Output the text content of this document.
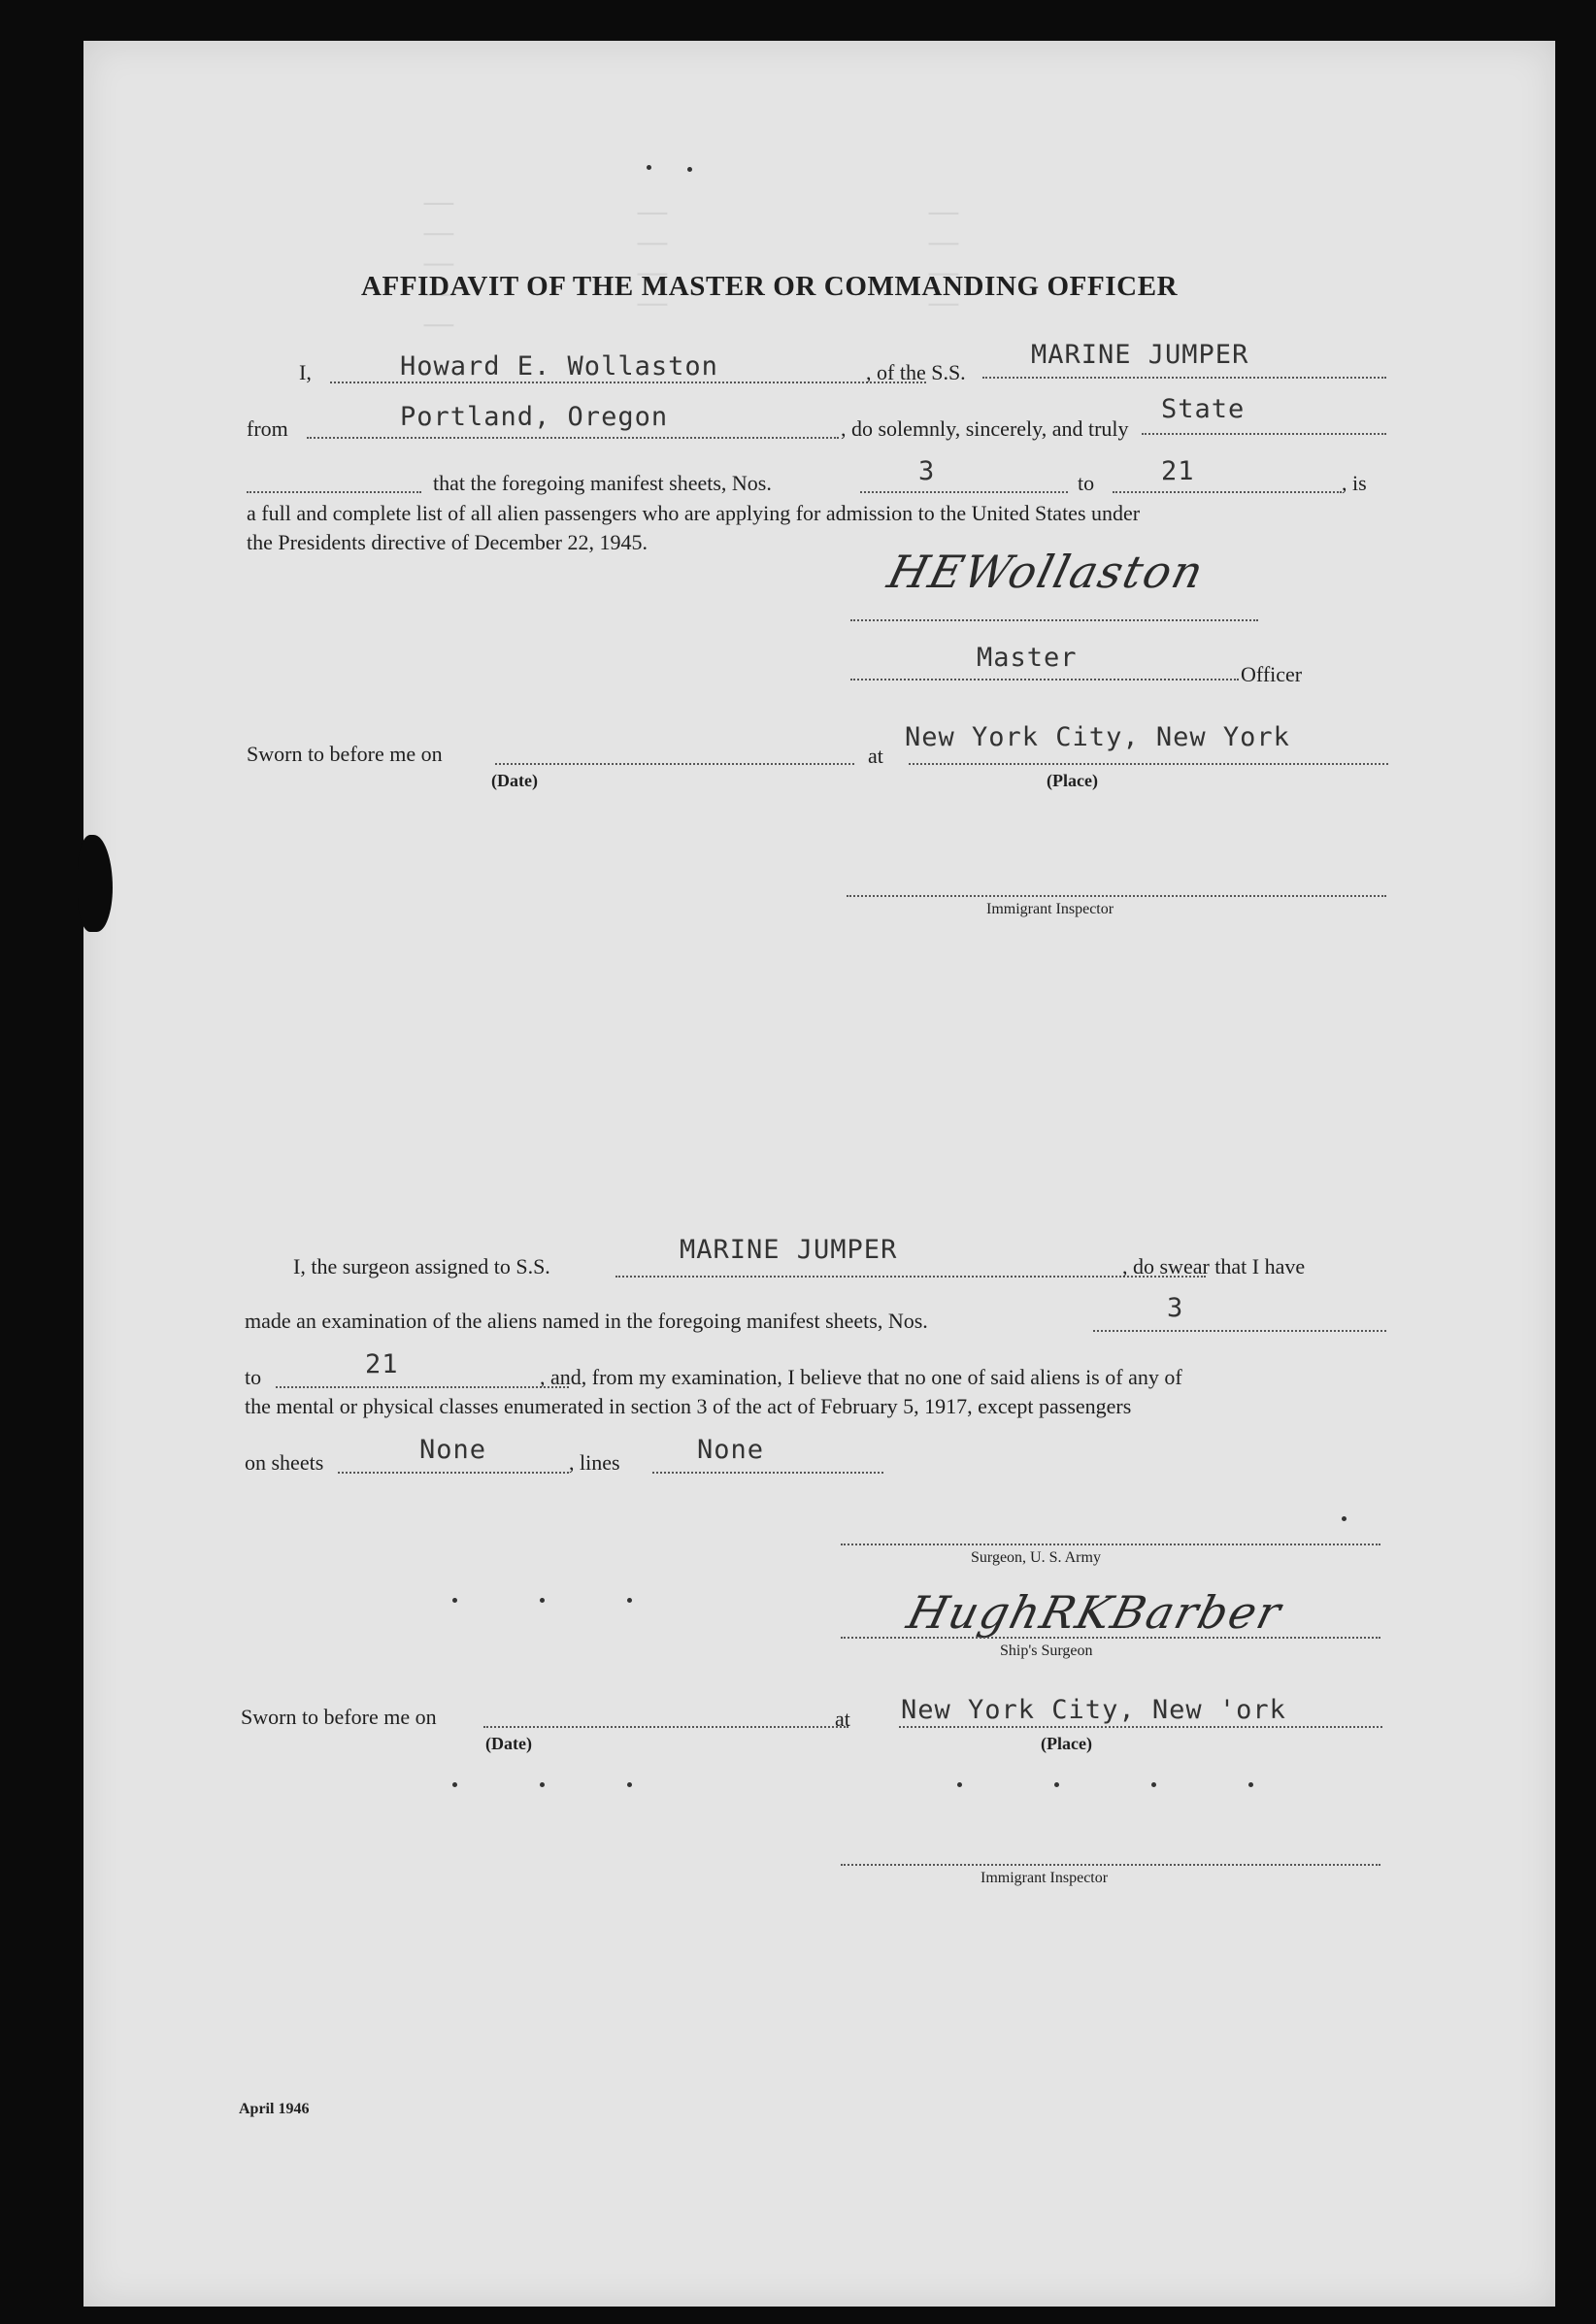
│ │ │ │ │	│ │ │ │	│ │ │ │
AFFIDAVIT OF THE MASTER OR COMMANDING OFFICER
I,	Howard E. Wollaston	, of the S.S.
MARINE JUMPER
from	Portland, Oregon	, do solemnly, sincerely, and truly
State
that the foregoing manifest sheets, Nos.	3	to	21	, is
a full and complete list of all alien passengers who are applying for admission to the United States under
the Presidents directive of December 22, 1945.
HEWollaston
Master
Officer
Sworn to before me on
(Date)
at
New York City, New York
(Place)
Immigrant Inspector
I, the surgeon assigned to S.S.
MARINE JUMPER
, do swear that I have
made an examination of the aliens named in the foregoing manifest sheets, Nos.	3
to	21	, and, from my examination, I believe that no one of said aliens is of any of
the mental or physical classes enumerated in section 3 of the act of February 5, 1917, except passengers
on sheets	None	, lines	None
Surgeon, U. S. Army
HughRKBarber
Ship's Surgeon
Sworn to before me on
(Date)
at New York City, New 'ork
(Place)
Immigrant Inspector
April 1946
